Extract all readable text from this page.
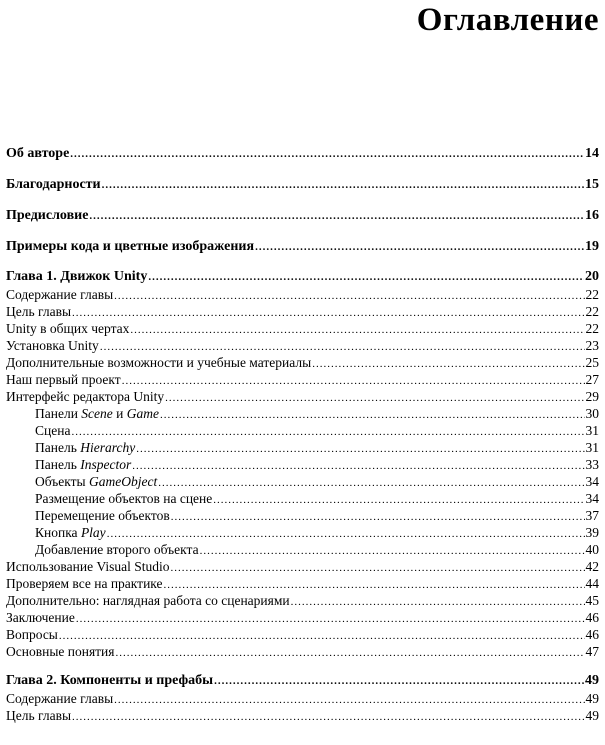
Оглавление
Об авторе .....	14
Благодарности .....	15
Предисловие .....	16
Примеры кода и цветные изображения .....	19
Глава 1. Движок Unity .....	20
Содержание главы .....	22
Цель главы .....	22
Unity в общих чертах .....	22
Установка Unity .....	23
Дополнительные возможности и учебные материалы .....	25
Наш первый проект .....	27
Интерфейс редактора Unity .....	29
Панели Scene и Game .....	30
Сцена .....	31
Панель Hierarchy .....	31
Панель Inspector .....	33
Объекты GameObject .....	34
Размещение объектов на сцене .....	34
Перемещение объектов .....	37
Кнопка Play .....	39
Добавление второго объекта .....	40
Использование Visual Studio .....	42
Проверяем все на практике .....	44
Дополнительно: наглядная работа со сценариями .....	45
Заключение .....	46
Вопросы .....	46
Основные понятия .....	47
Глава 2. Компоненты и префабы .....	49
Содержание главы .....	49
Цель главы .....	49
